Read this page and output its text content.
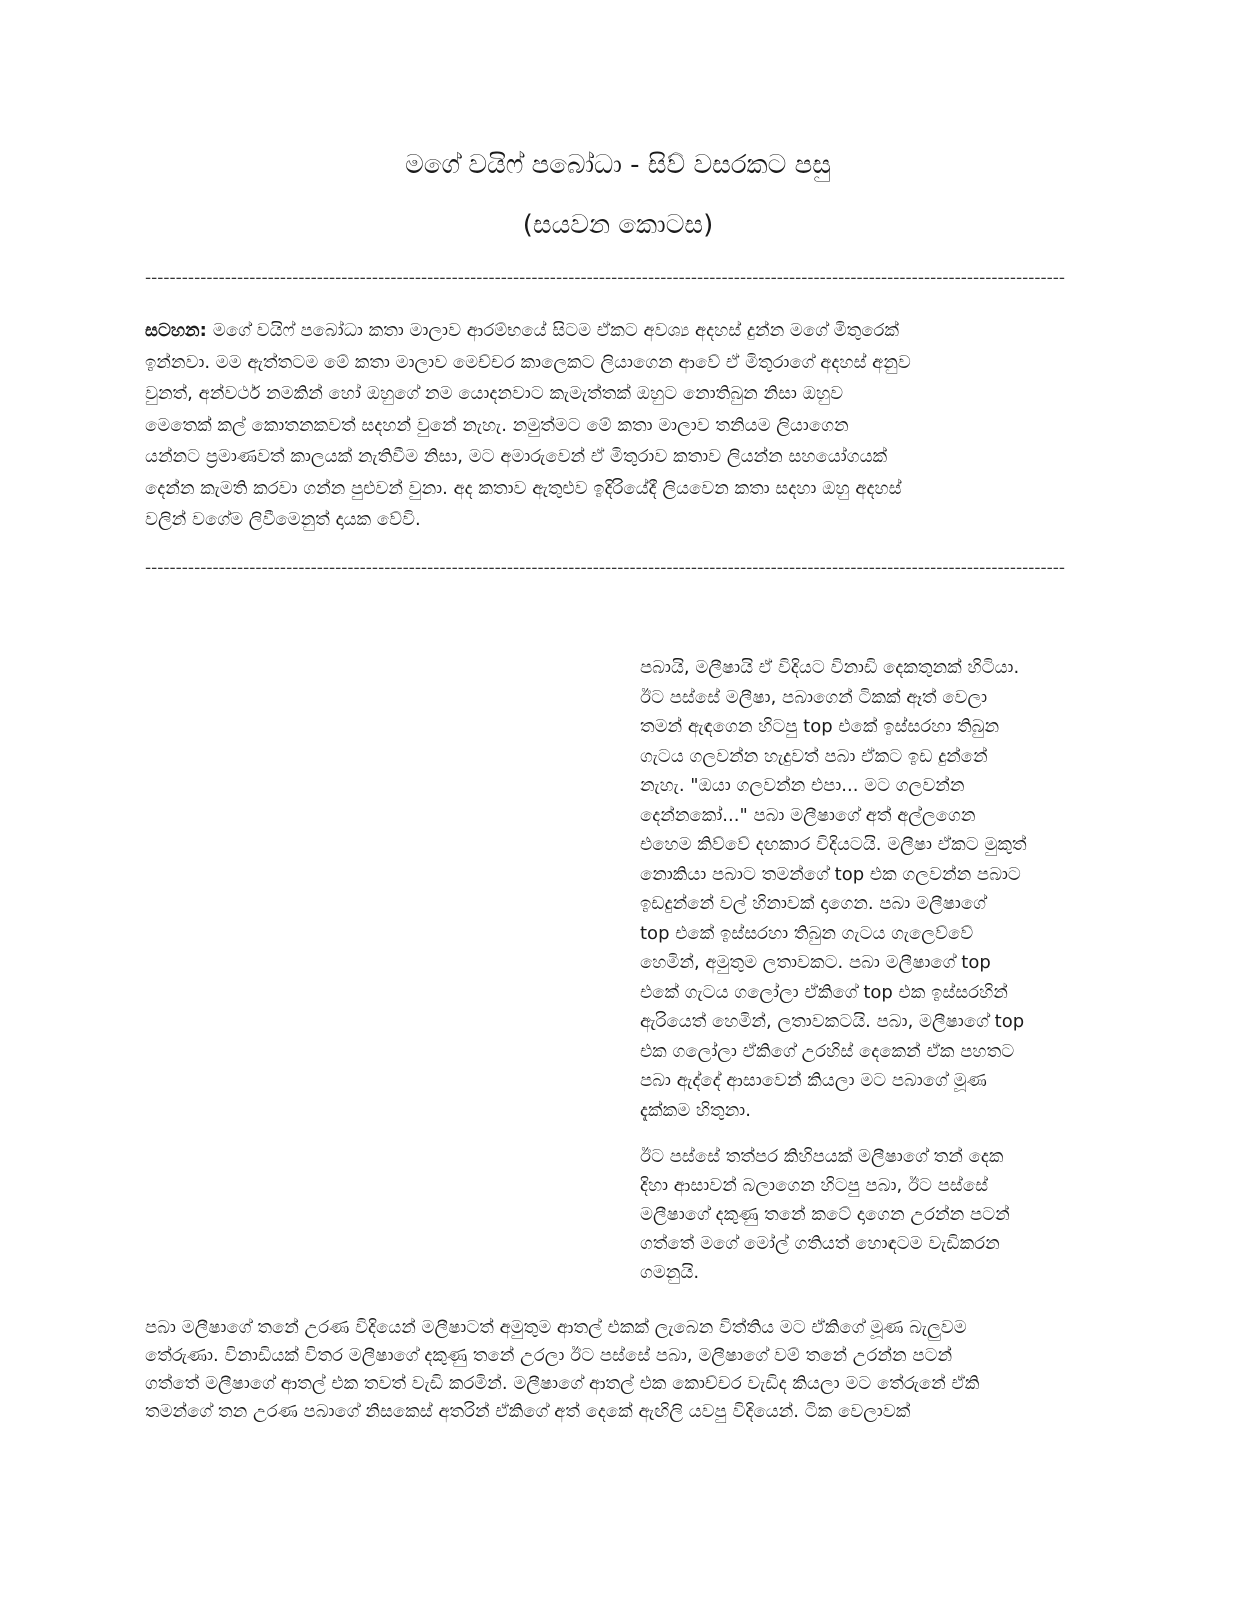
මගේ වයිෆ් පබෝධා - සිව් වසරකට පසු
(සයවන කොටස)
------------------------------------------------------------------------------------------------------------------------------------------------------
සටහන: මගේ වයිෆ් පබෝධා කතා මාලාව ආරම්භයේ සිටම ඒකට අවශ්‍ය අදහස් දුන්න මගේ මිතුරෙක්
ඉන්නවා. මම ඇත්තටම මේ කතා මාලාව මෙච්චර කාලෙකට ලියාගෙන ආවේ ඒ මිතුරාගේ අදහස් අනුව
වුනත්, අන්වර්ථ නමකින් හෝ ඔහුගේ නම යොදනවාට කැමැත්තක් ඔහුට නොතිබුන නිසා ඔහුව
මෙතෙක් කල් කොතනකවත් සදහන් වුනේ නැහැ. නමුත්මට මේ කතා මාලාව තනියම ලියාගෙන
යන්නට ප්‍රමාණවත් කාලයක් නැතිවීම නිසා, මට අමාරුවෙන් ඒ මිතුරාව කතාව ලියන්න සහයෝගයක්
දෙන්න කැමති කරවා ගන්න පුළුවන් වුනා. අද කතාව ඇතුළුව ඉදිරියේදී ලියවෙන කතා සදහා ඔහු අදහස්
වලින් වගේම ලිවීමෙනුත් දායක වේවි.
------------------------------------------------------------------------------------------------------------------------------------------------------
පබායි, මලීෂායි ඒ විදියට විනාඩි දෙකතුනක් හිටියා.
ඊට පස්සේ මලීෂා, පබාගෙන් ටිකක් ඈත් වෙලා
තමන් ඇඳගෙන හිටපු top එකේ ඉස්සරහා තිබුන
ගැටය ගලවන්න හැදුවත් පබා ඒකට ඉඩ දුන්නේ
නැහැ. "ඔයා ගලවන්න එපා... මට ගලවන්න
දෙන්නකෝ..." පබා මලීෂාගේ අත් අල්ලගෙන
එහෙම කිව්වේ දඟකාර විදියටයි. මලීෂා ඒකට මුකුත්
නොකියා පබාට තමන්ගේ top එක ගලවන්න පබාට
ඉඩදුන්නේ වල් හිනාවක් දාගෙන. පබා මලීෂාගේ
top එකේ ඉස්සරහා තිබුන ගැටය ගැලෙව්වේ
හෙමින්, අමුතුම ලතාවකට. පබා මලීෂාගේ top
එකේ ගැටය ගලෝලා ඒකිගේ top එක ඉස්සරහින්
ඇරියෙත් හෙමින්, ලතාවකටයි. පබා, මලීෂාගේ top
එක ගලෝලා ඒකිගේ උරහිස් දෙකෙන් ඒක පහතට
පබා ඇද්දේ ආසාවෙන් කියලා මට පබාගේ මූණ
දැක්කම හිතුනා.
ඊට පස්සේ තත්පර කිහිපයක් මලීෂාගේ තන් දෙක
දිහා ආසාවන් බලාගෙන හිටපු පබා, ඊට පස්සේ
මලීෂාගේ දකුණු තනේ කටේ දාගෙන උරන්න පටන්
ගත්තේ මගේ මෝල් ගතියත් හොඳටම වැඩිකරන
ගමනුයි.
පබා මලීෂාගේ තනේ උරණ විදියෙන් මලීෂාටත් අමුතුම ආතල් එකක් ලැබෙන විත්තිය මට ඒකිගේ මූණ බැලුවම
තේරුණා. විනාඩියක් විතර මලීෂාගේ දකුණු තනේ උරලා ඊට පස්සේ පබා, මලීෂාගේ වම් තනේ උරන්න පටන්
ගත්තේ මලීෂාගේ ආතල් එක තවත් වැඩි කරමින්. මලීෂාගේ ආතල් එක කොච්චර වැඩිද කියලා මට තේරුනේ ඒකි
තමන්ගේ තන උරණ පබාගේ නිසකෙස් අතරින් ඒකිගේ අත් දෙකේ ඇඟිලි යවපු විදියෙන්. ටික වෙලාවක්
